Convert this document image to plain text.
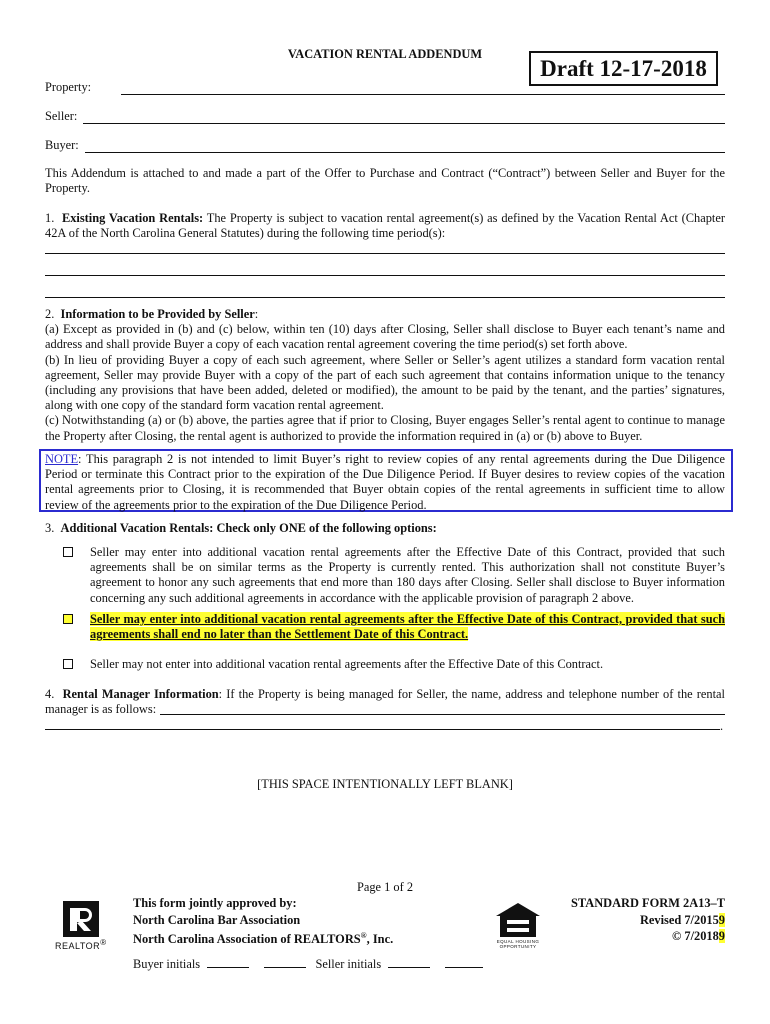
VACATION RENTAL ADDENDUM
Draft 12-17-2018
Property:
Seller:
Buyer:
This Addendum is attached to and made a part of the Offer to Purchase and Contract (“Contract”) between Seller and Buyer for the Property.
1. Existing Vacation Rentals: The Property is subject to vacation rental agreement(s) as defined by the Vacation Rental Act (Chapter 42A of the North Carolina General Statutes) during the following time period(s):
2. Information to be Provided by Seller:
(a) Except as provided in (b) and (c) below, within ten (10) days after Closing, Seller shall disclose to Buyer each tenant’s name and address and shall provide Buyer a copy of each vacation rental agreement covering the time period(s) set forth above.
(b) In lieu of providing Buyer a copy of each such agreement, where Seller or Seller’s agent utilizes a standard form vacation rental agreement, Seller may provide Buyer with a copy of the part of each such agreement that contains information unique to the tenancy (including any provisions that have been added, deleted or modified), the amount to be paid by the tenant, and the parties’ signatures, along with one copy of the standard form vacation rental agreement.
(c) Notwithstanding (a) or (b) above, the parties agree that if prior to Closing, Buyer engages Seller’s rental agent to continue to manage the Property after Closing, the rental agent is authorized to provide the information required in (a) or (b) above to Buyer.
NOTE: This paragraph 2 is not intended to limit Buyer’s right to review copies of any rental agreements during the Due Diligence Period or terminate this Contract prior to the expiration of the Due Diligence Period. If Buyer desires to review copies of the vacation rental agreements prior to Closing, it is recommended that Buyer obtain copies of the rental agreements in sufficient time to allow review of the agreements prior to the expiration of the Due Diligence Period.
3. Additional Vacation Rentals: Check only ONE of the following options:
Seller may enter into additional vacation rental agreements after the Effective Date of this Contract, provided that such agreements shall be on similar terms as the Property is currently rented. This authorization shall not constitute Buyer’s agreement to honor any such agreements that end more than 180 days after Closing. Seller shall disclose to Buyer information concerning any such additional agreements in accordance with the applicable provision of paragraph 2 above.
Seller may enter into additional vacation rental agreements after the Effective Date of this Contract, provided that such agreements shall end no later than the Settlement Date of this Contract.
Seller may not enter into additional vacation rental agreements after the Effective Date of this Contract.
4. Rental Manager Information: If the Property is being managed for Seller, the name, address and telephone number of the rental manager is as follows:
.
[THIS SPACE INTENTIONALLY LEFT BLANK]
Page 1 of 2
REALTOR®
This form jointly approved by:
North Carolina Bar Association
North Carolina Association of REALTORS®, Inc.	EQUAL HOUSING
OPPORTUNITY
STANDARD FORM 2A13–T
Revised 7/20159
© 7/20189
Buyer initials	Seller initials
